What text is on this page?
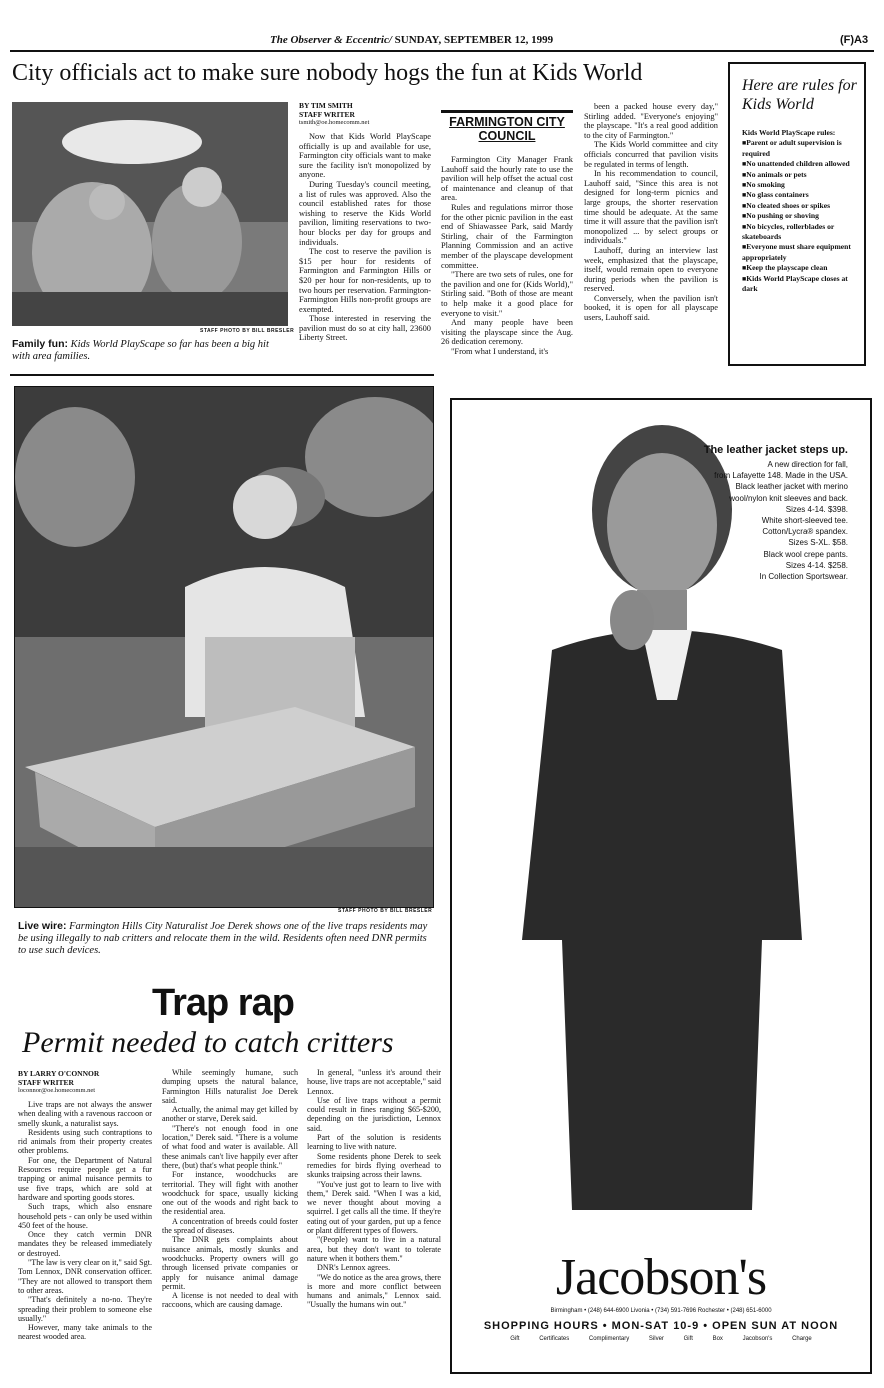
The Observer & Eccentric/ SUNDAY, SEPTEMBER 12, 1999	(F)A3
City officials act to make sure nobody hogs the fun at Kids World
STAFF PHOTO BY BILL BRESLER
Family fun: Kids World PlayScape so far has been a big hit with area families.
BY TIM SMITH
STAFF WRITER
tsmith@oe.homecomm.net

Now that Kids World PlayScape officially is up and available for use, Farmington city officials want to make sure the facility isn't monopolized by anyone.

During Tuesday's council meeting, a list of rules was approved. Also the council established rates for those wishing to reserve the Kids World pavilion, limiting reservations to two-hour blocks per day for groups and individuals.

The cost to reserve the pavilion is $15 per hour for residents of Farmington and Farmington Hills or $20 per hour for non-residents, up to two hours per reservation. Farmington-Farmington Hills non-profit groups are exempted.

Those interested in reserving the pavilion must do so at city hall, 23600 Liberty Street.

FARMINGTON CITY COUNCIL

Farmington City Manager Frank Lauhoff said the hourly rate to use the pavilion will help offset the actual cost of maintenance and cleanup of that area.

Rules and regulations mirror those for the other picnic pavilion in the east end of Shiawassee Park, said Mardy Stirling, chair of the Farmington Planning Commission and an active member of the playscape development committee.

"There are two sets of rules, one for the pavilion and one for (Kids World)," Stirling said. "Both of those are meant to help make it a good place for everyone to visit."

And many people have been visiting the playscape since the Aug. 26 dedication ceremony.

"From what I understand, it's

been a packed house every day," Stirling added. "Everyone's enjoying" the playscape. "It's a real good addition to the city of Farmington."

The Kids World committee and city officials concurred that pavilion visits be regulated in terms of length.

In his recommendation to council, Lauhoff said, "Since this area is not designed for long-term picnics and large groups, the shorter reservation time should be adequate. At the same time it will assure that the pavilion isn't monopolized ... by select groups or individuals."

Lauhoff, during an interview last week, emphasized that the playscape, itself, would remain open to everyone during periods when the pavilion is reserved.

Conversely, when the pavilion isn't booked, it is open for all playscape users, Lauhoff said.

Here are rules for Kids World
Kids World PlayScape rules:
■ Parent or adult supervision is required
■ No unattended children allowed
■ No animals or pets
■ No smoking
■ No glass containers
■ No cleated shoes or spikes
■ No pushing or shoving
■ No bicycles, rollerblades or skateboards
■ Everyone must share equipment appropriately
■ Keep the playscape clean
■ Kids World PlayScape closes at dark
STAFF PHOTO BY BILL BRESLER
Live wire: Farmington Hills City Naturalist Joe Derek shows one of the live traps residents may be using illegally to nab critters and relocate them in the wild. Residents often need DNR permits to use such devices.
Trap rap
Permit needed to catch critters
BY LARRY O'CONNOR
STAFF WRITER
loconnor@oe.homecomm.net

Live traps are not always the answer when dealing with a ravenous raccoon or smelly skunk, a naturalist says.

Residents using such contraptions to rid animals from their property creates other problems.

For one, the Department of Natural Resources require people get a fur trapping or animal nuisance permits to use five traps, which are sold at hardware and sporting goods stores.

Such traps, which also ensnare household pets - can only be used within 450 feet of the house.

Once they catch vermin DNR mandates they be released immediately or destroyed.

"The law is very clear on it," said Sgt. Tom Lennox, DNR conservation officer. "They are not allowed to transport them to other areas.

"That's definitely a no-no. They're spreading their problem to someone else usually."

However, many take animals to the nearest wooded area.

While seemingly humane, such dumping upsets the natural balance, Farmington Hills naturalist Joe Derek said.

Actually, the animal may get killed by another or starve, Derek said.

"There's not enough food in one location," Derek said. "There is a volume of what food and water is available. All these animals can't live happily ever after there, (but) that's what people think."

For instance, woodchucks are territorial. They will fight with another woodchuck for space, usually kicking one out of the woods and right back to the residential area.

A concentration of breeds could foster the spread of diseases.

The DNR gets complaints about nuisance animals, mostly skunks and woodchucks. Property owners will go through licensed private companies or apply for nuisance animal damage permit.

A license is not needed to deal with raccoons, which are causing damage.

In general, "unless it's around their house, live traps are not acceptable," said Lennox.

Use of live traps without a permit could result in fines ranging $65-$200, depending on the jurisdiction, Lennox said.

Part of the solution is residents learning to live with nature.

Some residents phone Derek to seek remedies for birds flying overhead to skunks traipsing across their lawns.

"You've just got to learn to live with them," Derek said. "When I was a kid, we never thought about moving a squirrel. I get calls all the time. If they're eating out of your garden, put up a fence or plant different types of flowers.

"(People) want to live in a natural area, but they don't want to tolerate nature when it bothers them."

DNR's Lennox agrees.

"We do notice as the area grows, there is more and more conflict between humans and animals," Lennox said. "Usually the humans win out."

The leather jacket steps up.
A new direction for fall,
from Lafayette 148. Made in the USA.
Black leather jacket with merino
wool/nylon knit sleeves and back.
Sizes 4-14. $398.
White short-sleeved tee.
Cotton/Lycra® spandex.
Sizes S-XL. $58.
Black wool crepe pants.
Sizes 4-14. $258.
In Collection Sportswear.
Jacobson's
Birmingham • (248) 644-6900 Livonia • (734) 591-7696 Rochester • (248) 651-6000
SHOPPING HOURS • MON-SAT 10-9 • OPEN SUN AT NOON
Gift Certificates	Complimentary Silver Gift Box	Jacobson's Charge
